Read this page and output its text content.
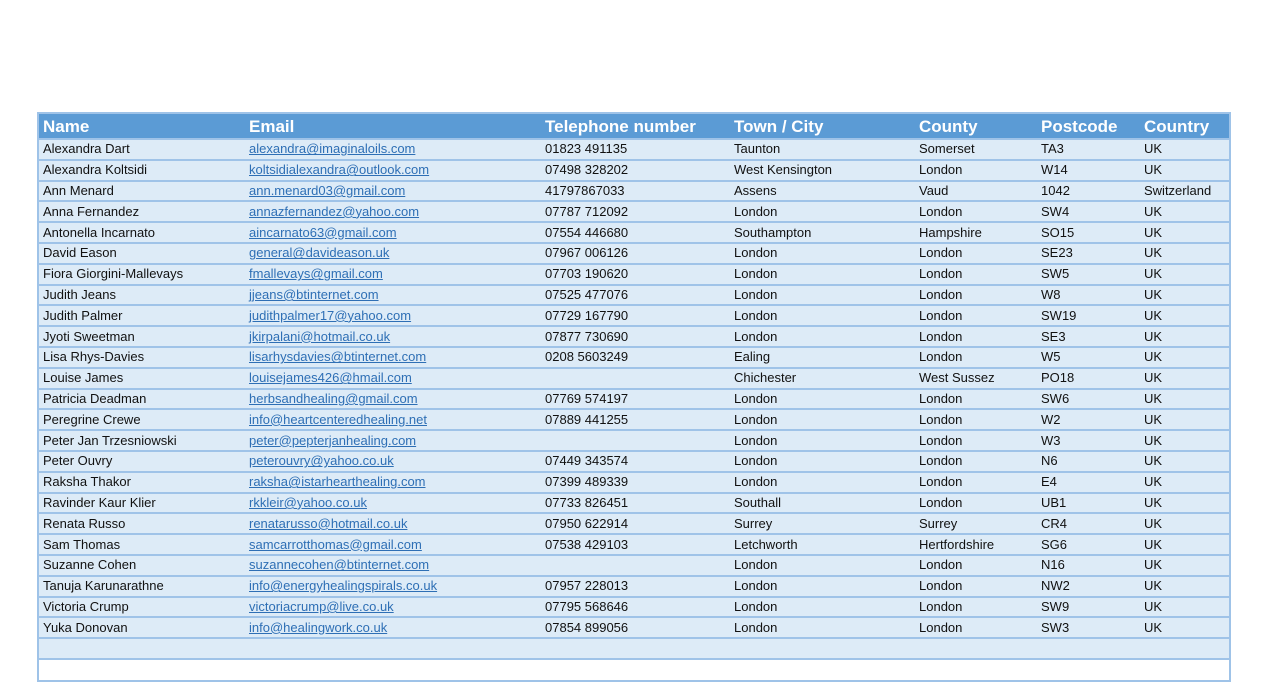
Name	Email	Telephone number	Town / City	County	Postcode	Country
Alexandra Dart	alexandra@imaginaloils.com	01823 491135	Taunton	Somerset	TA3	UK
Alexandra Koltsidi	koltsidialexandra@outlook.com	07498 328202	West Kensington	London	W14	UK
Ann Menard	ann.menard03@gmail.com	41797867033	Assens	Vaud	1042	Switzerland
Anna Fernandez	annazfernandez@yahoo.com	07787 712092	London	London	SW4	UK
Antonella Incarnato	aincarnato63@gmail.com	07554 446680	Southampton	Hampshire	SO15	UK
David Eason	general@davideason.uk	07967 006126	London	London	SE23	UK
Fiora Giorgini-Mallevays	fmallevays@gmail.com	07703 190620	London	London	SW5	UK
Judith Jeans	jjeans@btinternet.com	07525 477076	London	London	W8	UK
Judith Palmer	judithpalmer17@yahoo.com	07729 167790	London	London	SW19	UK
Jyoti Sweetman	jkirpalani@hotmail.co.uk	07877 730690	London	London	SE3	UK
Lisa Rhys-Davies	lisarhysdavies@btinternet.com	0208 5603249	Ealing	London	W5	UK
Louise James	louisejames426@hmail.com		Chichester	West Sussez	PO18	UK
Patricia Deadman	herbsandhealing@gmail.com	07769 574197	London	London	SW6	UK
Peregrine Crewe	info@heartcenteredhealing.net	07889 441255	London	London	W2	UK
Peter Jan Trzesniowski	peter@pepterjanhealing.com		London	London	W3	UK
Peter Ouvry	peterouvry@yahoo.co.uk	07449 343574	London	London	N6	UK
Raksha Thakor	raksha@istarhearthealing.com	07399 489339	London	London	E4	UK
Ravinder Kaur Klier	rkkleir@yahoo.co.uk	07733 826451	Southall	London	UB1	UK
Renata Russo	renatarusso@hotmail.co.uk	07950 622914	Surrey	Surrey	CR4	UK
Sam Thomas	samcarrotthomas@gmail.com	07538 429103	Letchworth	Hertfordshire	SG6	UK
Suzanne Cohen	suzannecohen@btinternet.com		London	London	N16	UK
Tanuja Karunarathne	info@energyhealingspirals.co.uk	07957 228013	London	London	NW2	UK
Victoria Crump	victoriacrump@live.co.uk	07795 568646	London	London	SW9	UK
Yuka Donovan	info@healingwork.co.uk	07854 899056	London	London	SW3	UK
